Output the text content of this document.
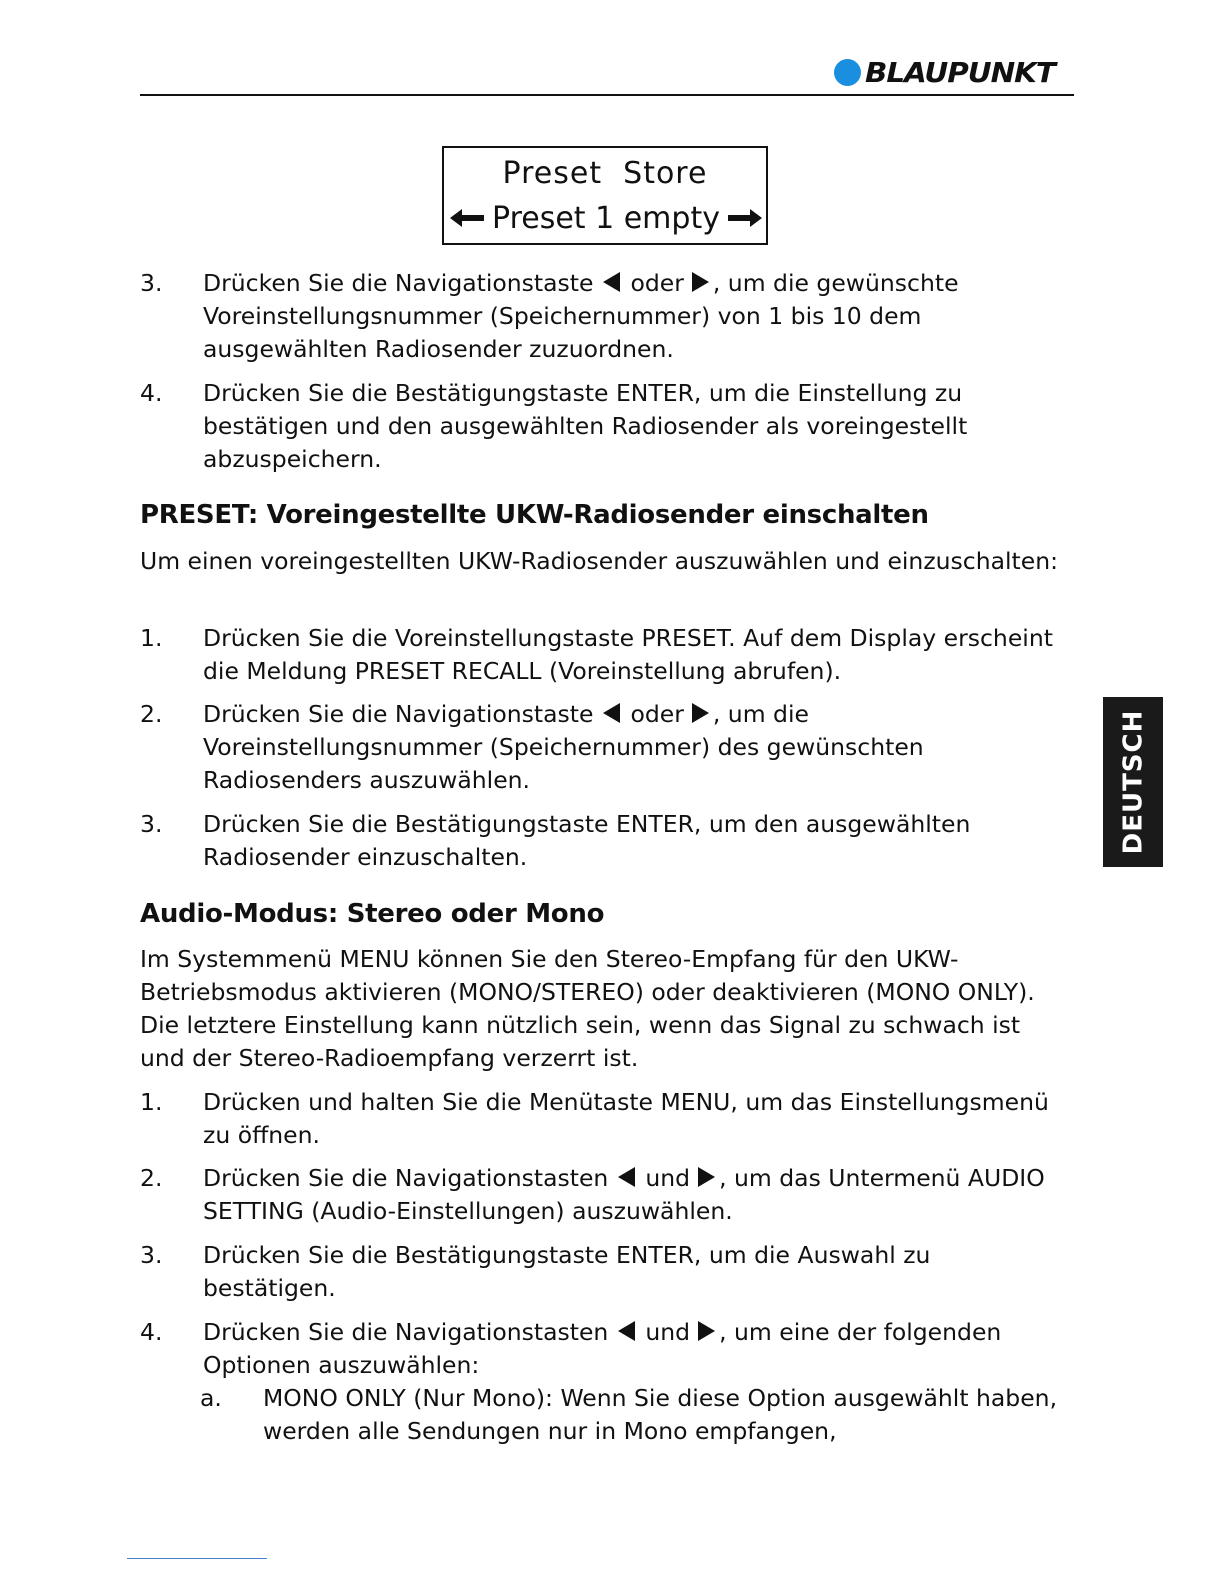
BLAUPUNKT
Preset  Store
Preset 1 empty
3. Drücken Sie die Navigationstaste oder , um die gewünschte Voreinstellungsnummer (Speichernummer) von 1 bis 10 dem ausgewählten Radiosender zuzuordnen.
4. Drücken Sie die Bestätigungstaste ENTER, um die Einstellung zu bestätigen und den ausgewählten Radiosender als voreingestellt abzuspeichern.
PRESET: Voreingestellte UKW-Radiosender einschalten
Um einen voreingestellten UKW-Radiosender auszuwählen und einzuschalten:
1. Drücken Sie die Voreinstellungstaste PRESET. Auf dem Display erscheint die Meldung PRESET RECALL (Voreinstellung abrufen).
2. Drücken Sie die Navigationstaste oder , um die Voreinstellungsnummer (Speichernummer) des gewünschten Radiosenders auszuwählen.
3. Drücken Sie die Bestätigungstaste ENTER, um den ausgewählten Radiosender einzuschalten.
Audio-Modus: Stereo oder Mono
Im Systemmenü MENU können Sie den Stereo-Empfang für den UKW-Betriebsmodus aktivieren (MONO/STEREO) oder deaktivieren (MONO ONLY). Die letztere Einstellung kann nützlich sein, wenn das Signal zu schwach ist und der Stereo-Radioempfang verzerrt ist.
1. Drücken und halten Sie die Menütaste MENU, um das Einstellungsmenü zu öffnen.
2. Drücken Sie die Navigationstasten und , um das Untermenü AUDIO SETTING (Audio-Einstellungen) auszuwählen.
3. Drücken Sie die Bestätigungstaste ENTER, um die Auswahl zu bestätigen.
4. Drücken Sie die Navigationstasten und , um eine der folgenden Optionen auszuwählen:
a. MONO ONLY (Nur Mono): Wenn Sie diese Option ausgewählt haben, werden alle Sendungen nur in Mono empfangen,
DEUTSCH
